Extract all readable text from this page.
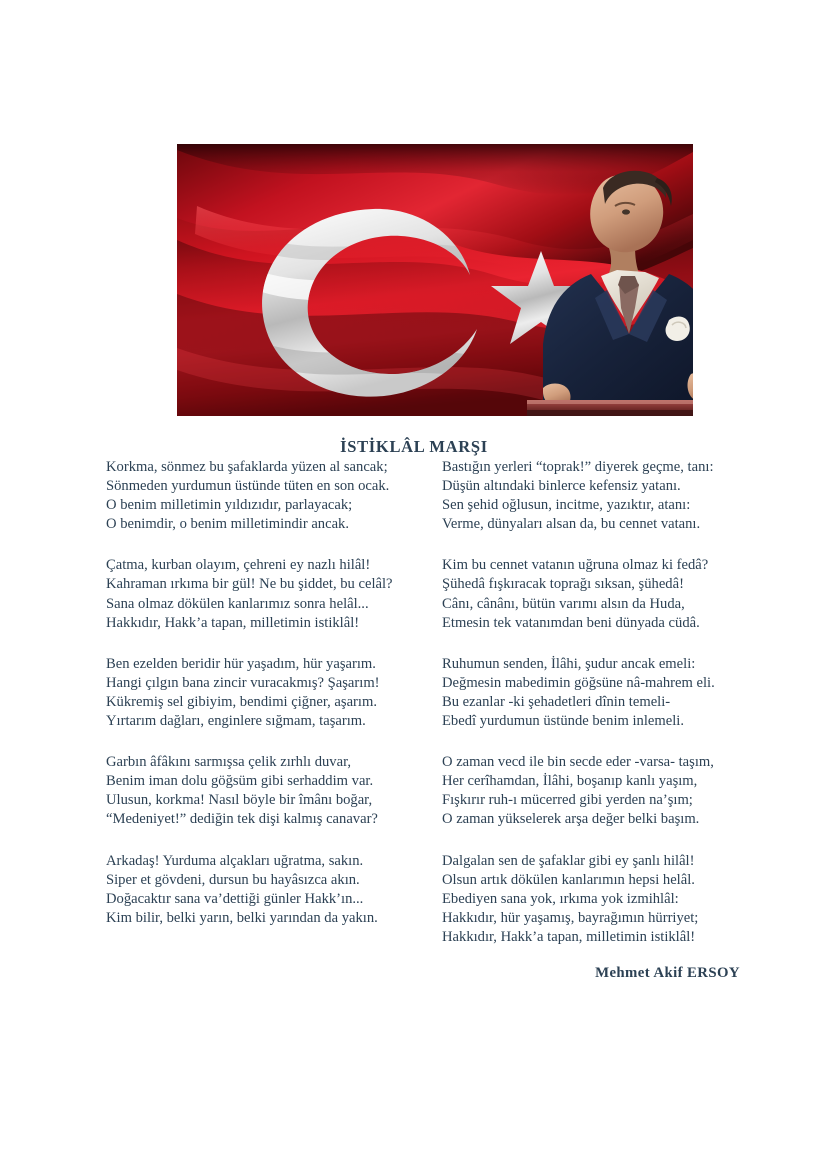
İSTİKLÂL MARŞI
Korkma, sönmez bu şafaklarda yüzen al sancak;
Sönmeden yurdumun üstünde tüten en son ocak.
O benim milletimin yıldızıdır, parlayacak;
O benimdir, o benim milletimindir ancak.
Çatma, kurban olayım, çehreni ey nazlı hilâl!
Kahraman ırkıma bir gül! Ne bu şiddet, bu celâl?
Sana olmaz dökülen kanlarımız sonra helâl...
Hakkıdır, Hakk’a tapan, milletimin istiklâl!
Ben ezelden beridir hür yaşadım, hür yaşarım.
Hangi çılgın bana zincir vuracakmış? Şaşarım!
Kükremiş sel gibiyim, bendimi çiğner, aşarım.
Yırtarım dağları, enginlere sığmam, taşarım.
Garbın âfâkını sarmışsa çelik zırhlı duvar,
Benim iman dolu göğsüm gibi serhaddim var.
Ulusun, korkma! Nasıl böyle bir îmânı boğar,
“Medeniyet!” dediğin tek dişi kalmış canavar?
Arkadaş! Yurduma alçakları uğratma, sakın.
Siper et gövdeni, dursun bu hayâsızca akın.
Doğacaktır sana va’dettiği günler Hakk’ın...
Kim bilir, belki yarın, belki yarından da yakın.
Bastığın yerleri “toprak!” diyerek geçme, tanı:
Düşün altındaki binlerce kefensiz yatanı.
Sen şehid oğlusun, incitme, yazıktır, atanı:
Verme, dünyaları alsan da, bu cennet vatanı.
Kim bu cennet vatanın uğruna olmaz ki fedâ?
Şühedâ fışkıracak toprağı sıksan, şühedâ!
Cânı, cânânı, bütün varımı alsın da Huda,
Etmesin tek vatanımdan beni dünyada cüdâ.
Ruhumun senden, İlâhi, şudur ancak emeli:
Değmesin mabedimin göğsüne nâ-mahrem eli.
Bu ezanlar -ki şehadetleri dînin temeli-
Ebedî yurdumun üstünde benim inlemeli.
O zaman vecd ile bin secde eder -varsa- taşım,
Her cerîhamdan, İlâhi, boşanıp kanlı yaşım,
Fışkırır ruh-ı mücerred gibi yerden na’şım;
O zaman yükselerek arşa değer belki başım.
Dalgalan sen de şafaklar gibi ey şanlı hilâl!
Olsun artık dökülen kanlarımın hepsi helâl.
Ebediyen sana yok, ırkıma yok izmihlâl:
Hakkıdır, hür yaşamış, bayrağımın hürriyet;
Hakkıdır, Hakk’a tapan, milletimin istiklâl!
Mehmet Akif ERSOY
